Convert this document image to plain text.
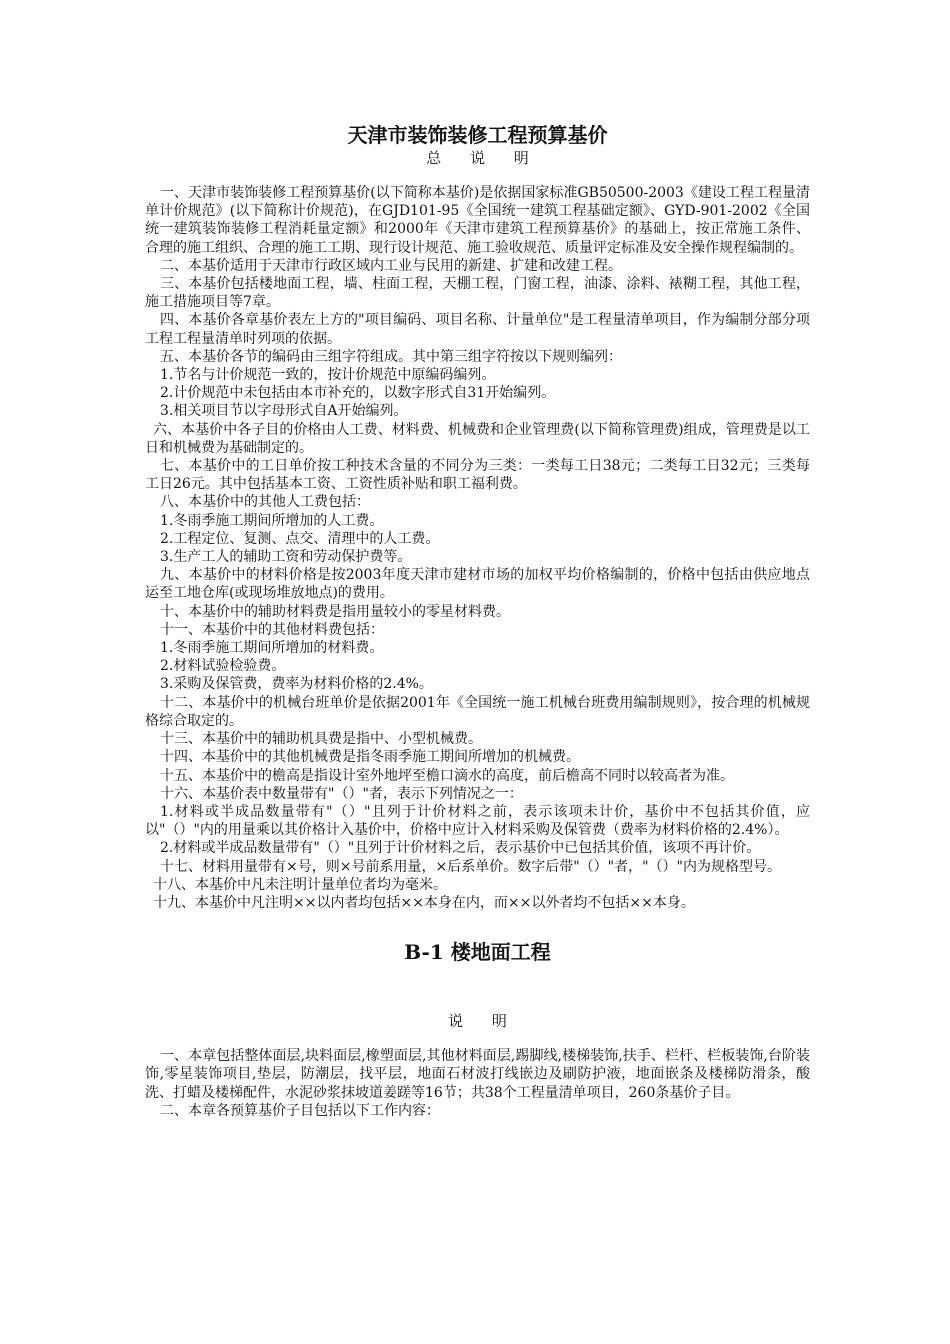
天津市装饰装修工程预算基价
总 说 明

一、天津市装饰装修工程预算基价(以下简称本基价)是依据国家标准GB50500-2003《建设工程工程量清单计价规范》(以下简称计价规范)，在GJD101-95《全国统一建筑工程基础定额》、GYD-901-2002《全国统一建筑装饰装修工程消耗量定额》和2000年《天津市建筑工程预算基价》的基础上，按正常施工条件、合理的施工组织、合理的施工工期、现行设计规范、施工验收规范、质量评定标准及安全操作规程编制的。

二、本基价适用于天津市行政区域内工业与民用的新建、扩建和改建工程。

三、本基价包括楼地面工程，墙、柱面工程，天棚工程，门窗工程，油漆、涂料、裱糊工程，其他工程，施工措施项目等7章。

四、本基价各章基价表左上方的"项目编码、项目名称、计量单位"是工程量清单项目，作为编制分部分项工程工程量清单时列项的依据。

五、本基价各节的编码由三组字符组成。其中第三组字符按以下规则编列：

1.节名与计价规范一致的，按计价规范中原编码编列。

2.计价规范中未包括由本市补充的，以数字形式自31开始编列。

3.相关项目节以字母形式自A开始编列。

六、本基价中各子目的价格由人工费、材料费、机械费和企业管理费(以下简称管理费)组成，管理费是以工日和机械费为基础制定的。

七、本基价中的工日单价按工种技术含量的不同分为三类：一类每工日38元；二类每工日32元；三类每工日26元。其中包括基本工资、工资性质补贴和职工福利费。

八、本基价中的其他人工费包括：

1.冬雨季施工期间所增加的人工费。

2.工程定位、复测、点交、清理中的人工费。

3.生产工人的辅助工资和劳动保护费等。

九、本基价中的材料价格是按2003年度天津市建材市场的加权平均价格编制的，价格中包括由供应地点运至工地仓库(或现场堆放地点)的费用。

十、本基价中的辅助材料费是指用量较小的零星材料费。

十一、本基价中的其他材料费包括：

1.冬雨季施工期间所增加的材料费。

2.材料试验检验费。

3.采购及保管费，费率为材料价格的2.4%。

十二、本基价中的机械台班单价是依据2001年《全国统一施工机械台班费用编制规则》，按合理的机械规格综合取定的。

十三、本基价中的辅助机具费是指中、小型机械费。

十四、本基价中的其他机械费是指冬雨季施工期间所增加的机械费。

十五、本基价中的檐高是指设计室外地坪至檐口滴水的高度，前后檐高不同时以较高者为准。

十六、本基价表中数量带有"（）"者，表示下列情况之一：

1.材料或半成品数量带有"（）"且列于计价材料之前，表示该项未计价，基价中不包括其价值，应以"（）"内的用量乘以其价格计入基价中，价格中应计入材料采购及保管费（费率为材料价格的2.4%）。

2.材料或半成品数量带有"（）"且列于计价材料之后，表示基价中已包括其价值，该项不再计价。

十七、材料用量带有×号，则×号前系用量，×后系单价。数字后带"（）"者，"（）"内为规格型号。

十八、本基价中凡未注明计量单位者均为毫米。

十九、本基价中凡注明××以内者均包括××本身在内，而××以外者均不包括××本身。

B-1 楼地面工程
说 明

一、本章包括整体面层,块料面层,橡塑面层,其他材料面层,踢脚线,楼梯装饰,扶手、栏杆、栏板装饰,台阶装饰,零星装饰项目,垫层，防潮层，找平层，地面石材波打线嵌边及刷防护液，地面嵌条及楼梯防滑条，酸洗、打蜡及楼梯配件，水泥砂浆抹坡道姜蹉等16节；共38个工程量清单项目，260条基价子目。

二、本章各预算基价子目包括以下工作内容：
